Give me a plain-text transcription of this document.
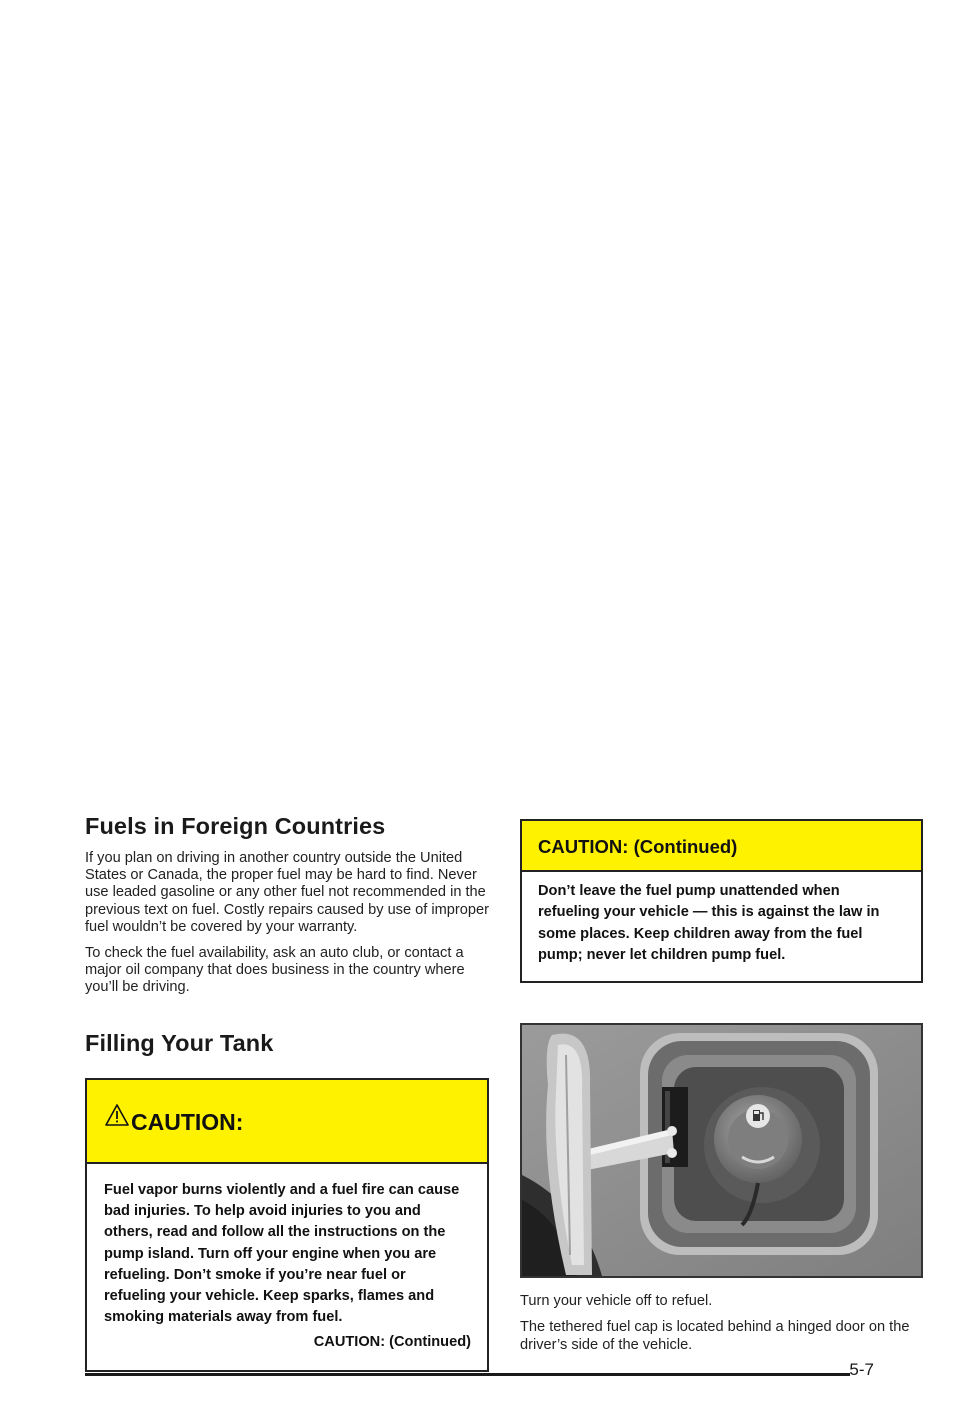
Fuels in Foreign Countries

If you plan on driving in another country outside the United States or Canada, the proper fuel may be hard to find. Never use leaded gasoline or any other fuel not recommended in the previous text on fuel. Costly repairs caused by use of improper fuel wouldn’t be covered by your warranty.

To check the fuel availability, ask an auto club, or contact a major oil company that does business in the country where you’ll be driving.

Filling Your Tank
CAUTION:

Fuel vapor burns violently and a fuel fire can cause bad injuries. To help avoid injuries to you and others, read and follow all the instructions on the pump island. Turn off your engine when you are refueling. Don’t smoke if you’re near fuel or refueling your vehicle. Keep sparks, flames and smoking materials away from fuel.

CAUTION: (Continued)
CAUTION: (Continued)

Don’t leave the fuel pump unattended when refueling your vehicle — this is against the law in some places. Keep children away from the fuel pump; never let children pump fuel.

Turn your vehicle off to refuel.

The tethered fuel cap is located behind a hinged door on the driver’s side of the vehicle.

5-7
